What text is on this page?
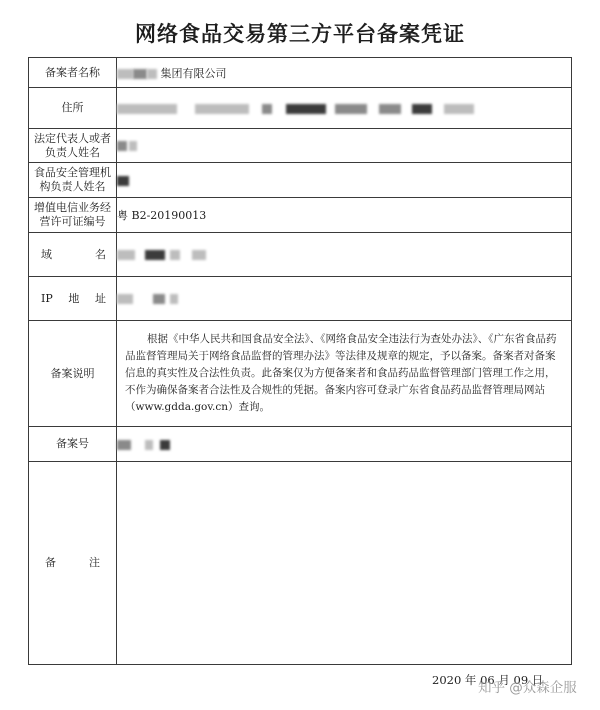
网络食品交易第三方平台备案凭证
备案者名称	集团有限公司
住所	
法定代表人或者负责人姓名	
食品安全管理机构负责人姓名	
增值电信业务经营许可证编号	粤 B2-20190013

域 名	

IP 地 址	

备案说明	根据《中华人民共和国食品安全法》、《网络食品安全违法行为查处办法》、《广东省食品药品监督管理局关于网络食品监督的管理办法》等法律及规章的规定，予以备案。备案者对备案信息的真实性及合法性负责。此备案仅为方便备案者和食品药品监督管理部门管理工作之用，不作为确保备案者合法性及合规性的凭据。备案内容可登录广东省食品药品监督管理局网站（www.gdda.gov.cn）查询。

备案号	

备 注	

2020 年 06 月 09 日
知乎 @众森企服
